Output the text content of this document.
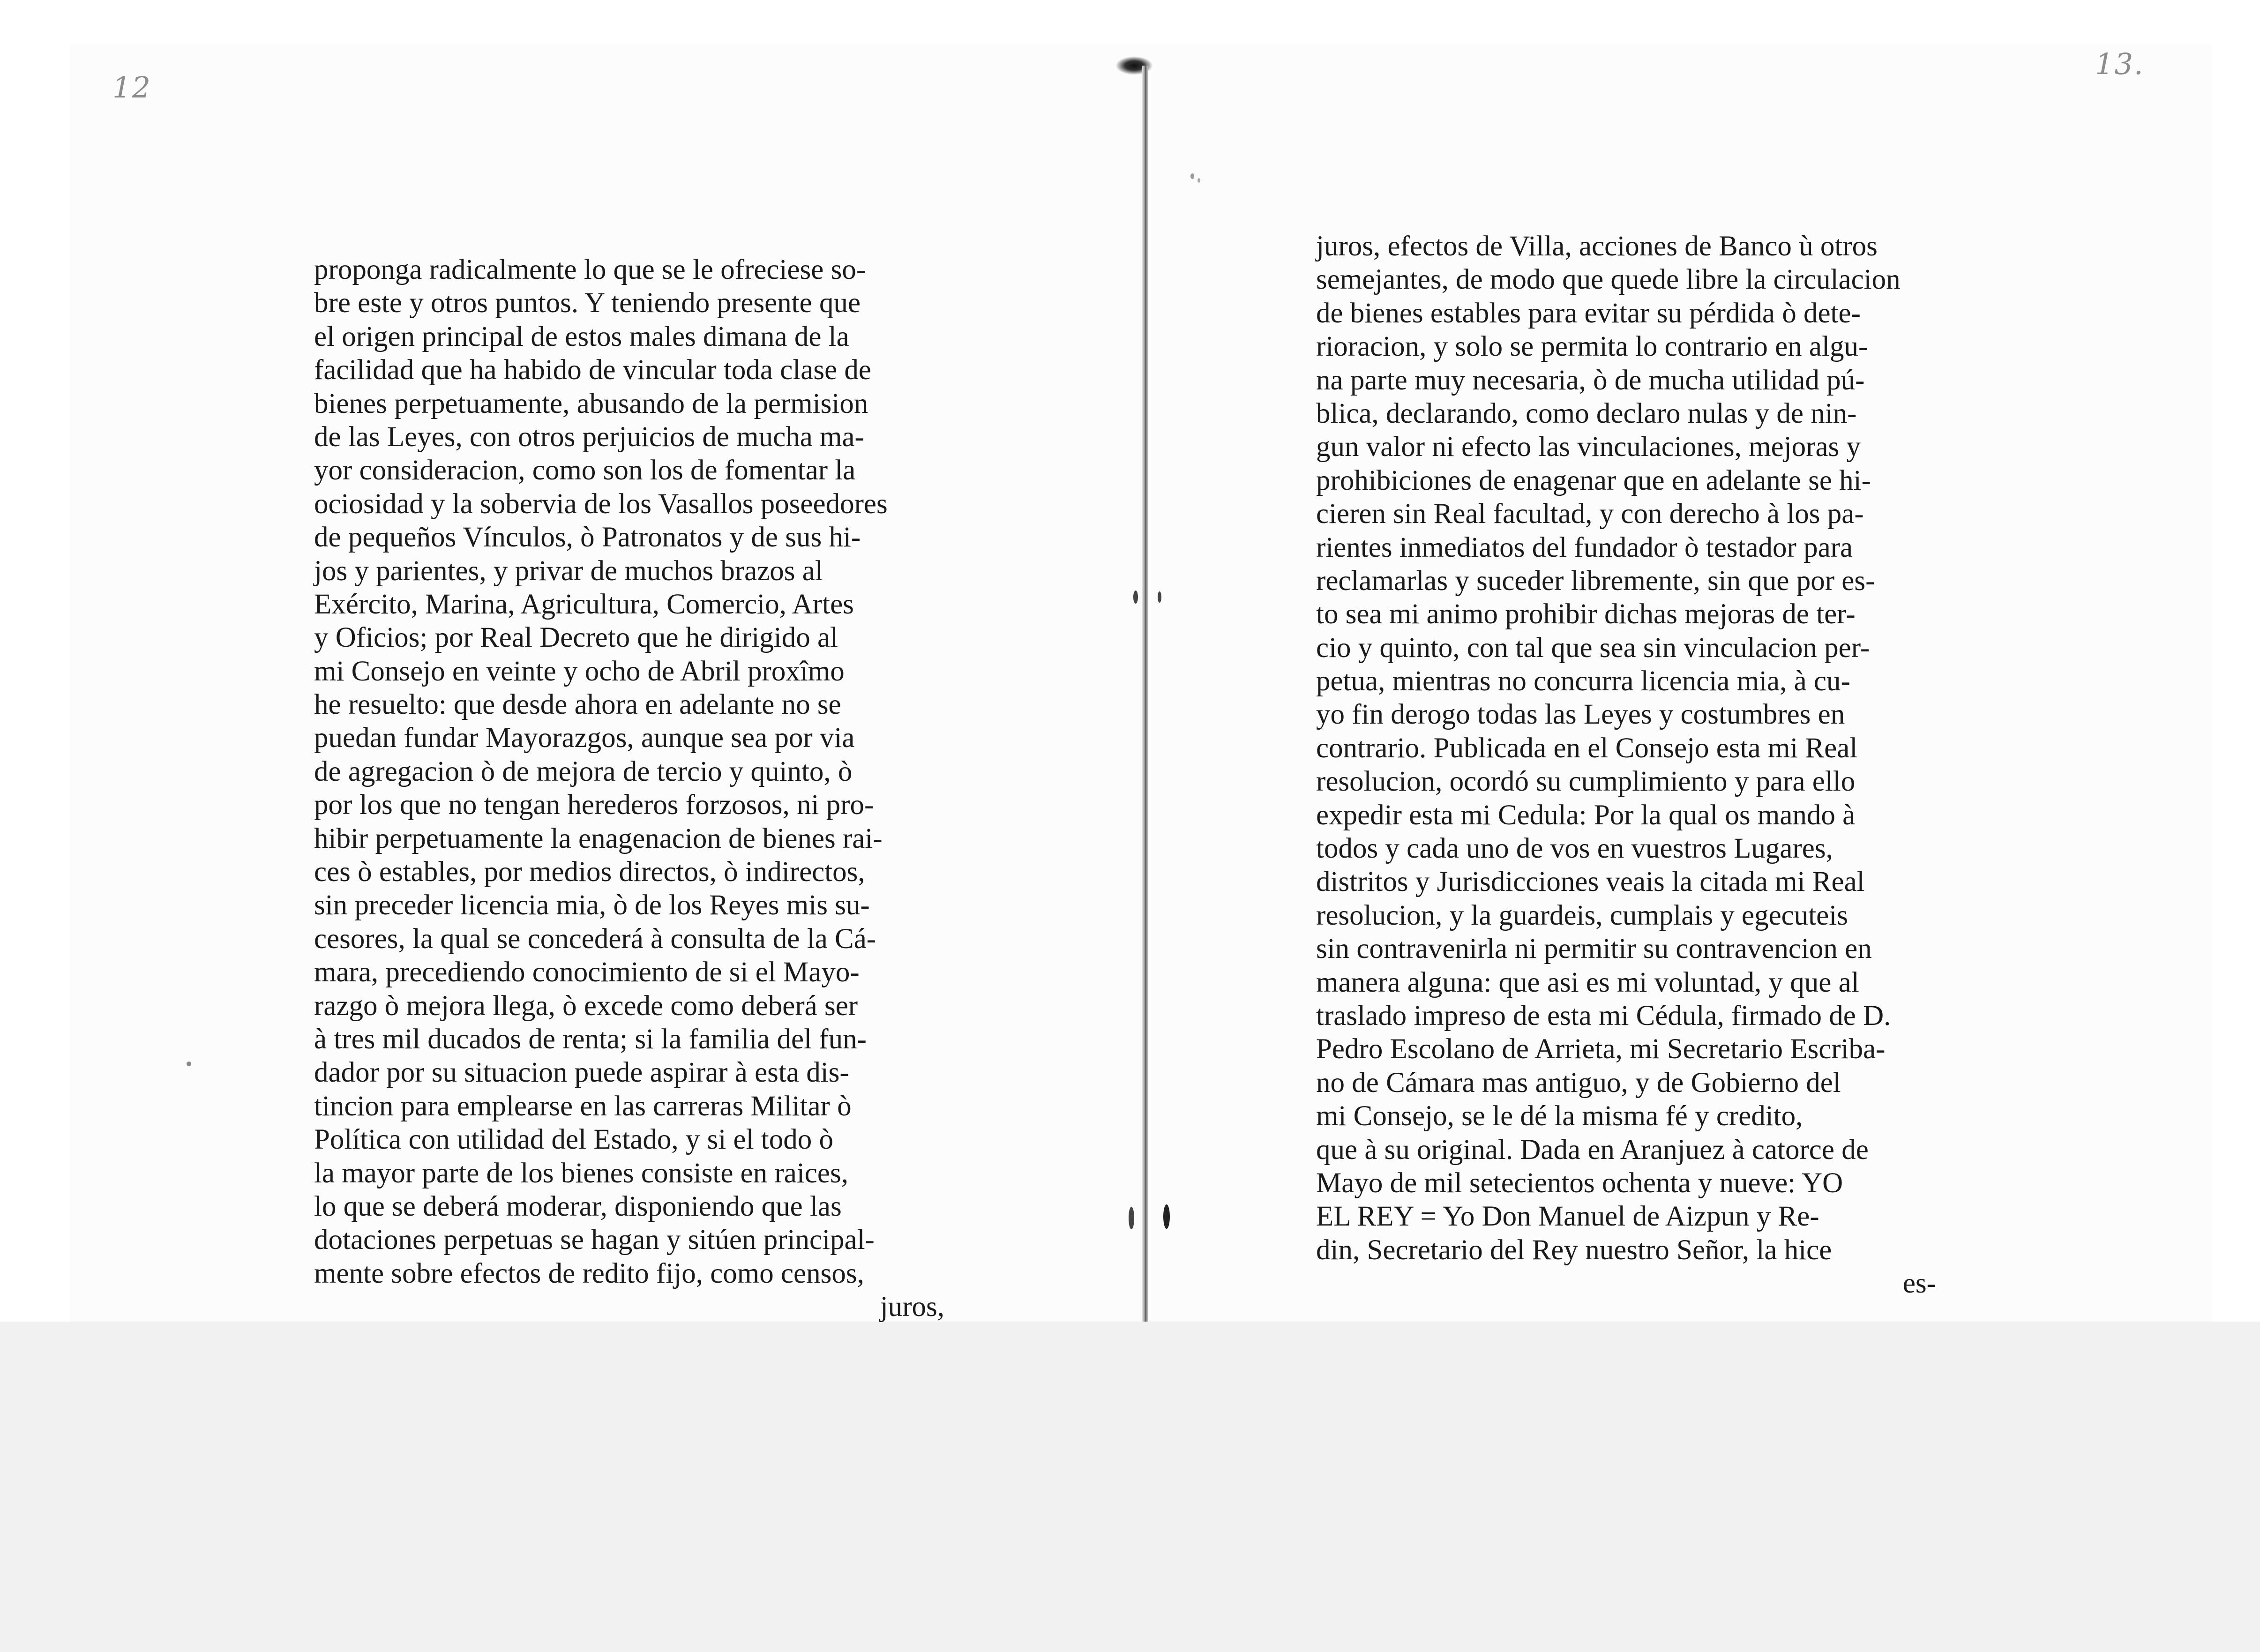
12
13.
proponga radicalmente lo que se le ofreciese so-
bre este y otros puntos. Y teniendo presente que
el origen principal de estos males dimana de la
facilidad que ha habido de vincular toda clase de
bienes perpetuamente, abusando de la permision
de las Leyes, con otros perjuicios de mucha ma-
yor consideracion, como son los de fomentar la
ociosidad y la sobervia de los Vasallos poseedores
de pequeños Vínculos, ò Patronatos y de sus hi-
jos y parientes, y privar de muchos brazos al
Exército, Marina, Agricultura, Comercio, Artes
y Oficios; por Real Decreto que he dirigido al
mi Consejo en veinte y ocho de Abril proxîmo
he resuelto: que desde ahora en adelante no se
puedan fundar Mayorazgos, aunque sea por via
de agregacion ò de mejora de tercio y quinto, ò
por los que no tengan herederos forzosos, ni pro-
hibir perpetuamente la enagenacion de bienes rai-
ces ò estables, por medios directos, ò indirectos,
sin preceder licencia mia, ò de los Reyes mis su-
cesores, la qual se concederá à consulta de la Cá-
mara, precediendo conocimiento de si el Mayo-
razgo ò mejora llega, ò excede como deberá ser
à tres mil ducados de renta; si la familia del fun-
dador por su situacion puede aspirar à esta dis-
tincion para emplearse en las carreras Militar ò
Política con utilidad del Estado, y si el todo ò
la mayor parte de los bienes consiste en raices,
lo que se deberá moderar, disponiendo que las
dotaciones perpetuas se hagan y sitúen principal-
mente sobre efectos de redito fijo, como censos,
juros,
juros, efectos de Villa, acciones de Banco ù otros
semejantes, de modo que quede libre la circulacion
de bienes estables para evitar su pérdida ò dete-
rioracion, y solo se permita lo contrario en algu-
na parte muy necesaria, ò de mucha utilidad pú-
blica, declarando, como declaro nulas y de nin-
gun valor ni efecto las vinculaciones, mejoras y
prohibiciones de enagenar que en adelante se hi-
cieren sin Real facultad, y con derecho à los pa-
rientes inmediatos del fundador ò testador para
reclamarlas y suceder libremente, sin que por es-
to sea mi animo prohibir dichas mejoras de ter-
cio y quinto, con tal que sea sin vinculacion per-
petua, mientras no concurra licencia mia, à cu-
yo fin derogo todas las Leyes y costumbres en
contrario. Publicada en el Consejo esta mi Real
resolucion, ocordó su cumplimiento y para ello
expedir esta mi Cedula: Por la qual os mando à
todos y cada uno de vos en vuestros Lugares,
distritos y Jurisdicciones veais la citada mi Real
resolucion, y la guardeis, cumplais y egecuteis
sin contravenirla ni permitir su contravencion en
manera alguna: que asi es mi voluntad, y que al
traslado impreso de esta mi Cédula, firmado de D.
Pedro Escolano de Arrieta, mi Secretario Escriba-
no de Cámara mas antiguo, y de Gobierno del
mi Consejo, se le dé la misma fé y credito,
que à su original. Dada en Aranjuez à catorce de
Mayo de mil setecientos ochenta y nueve: YO
EL REY = Yo Don Manuel de Aizpun y Re-
din, Secretario del Rey nuestro Señor, la hice
es-
